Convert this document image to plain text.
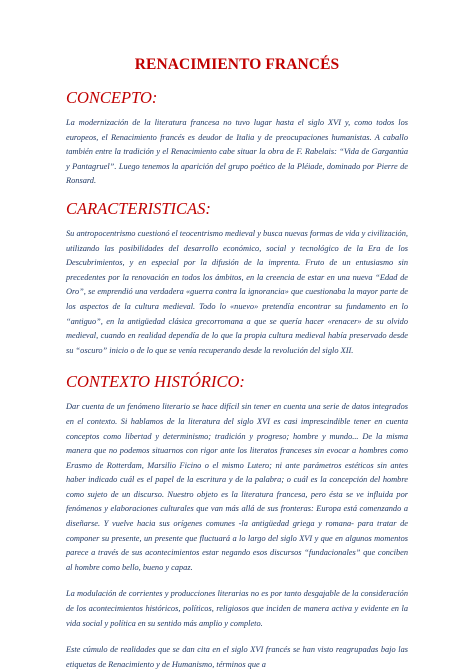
RENACIMIENTO FRANCÉS
CONCEPTO:

La modernización de la literatura francesa no tuvo lugar hasta el siglo XVI y, como todos los europeos, el Renacimiento francés es deudor de Italia y de preocupaciones humanistas. A caballo también entre la tradición y el Renacimiento cabe situar la obra de F. Rabelais: “Vida de Gargantúa y Pantagruel”. Luego tenemos la aparición del grupo poético de la Pléiade, dominado por Pierre de Ronsard.

CARACTERISTICAS:

Su antropocentrismo cuestionó el teocentrismo medieval y busca nuevas formas de vida y civilización, utilizando las posibilidades del desarrollo económico, social y tecnológico de la Era de los Descubrimientos, y en especial por la difusión de la imprenta. Fruto de un entusiasmo sin precedentes por la renovación en todos los ámbitos, en la creencia de estar en una nueva “Edad de Oro”, se emprendió una verdadera «guerra contra la ignorancia» que cuestionaba la mayor parte de los aspectos de la cultura medieval. Todo lo «nuevo» pretendía encontrar su fundamento en lo “antiguo”, en la antigüedad clásica grecorromana a que se quería hacer «renacer» de su olvido medieval, cuando en realidad dependía de lo que la propia cultura medieval había preservado desde su “oscuro” inicio o de lo que se venía recuperando desde la revolución del siglo XII.

CONTEXTO HISTÓRICO:

Dar cuenta de un fenómeno literario se hace difícil sin tener en cuenta una serie de datos integrados en el contexto. Si hablamos de la literatura del siglo XVI es casi imprescindible tener en cuenta conceptos como libertad y determinismo; tradición y progreso; hombre y mundo... De la misma manera que no podemos situarnos con rigor ante los literatos franceses sin evocar a hombres como Erasmo de Rotterdam, Marsilio Ficino o el mismo Lutero; ni ante parámetros estéticos sin antes haber indicado cuál es el papel de la escritura y de la palabra; o cuál es la concepción del hombre como sujeto de un discurso. Nuestro objeto es la literatura francesa, pero ésta se ve influida por fenómenos y elaboraciones culturales que van más allá de sus fronteras: Europa está comenzando a diseñarse. Y vuelve hacia sus orígenes comunes -la antigüedad griega y romana- para tratar de componer su presente, un presente que fluctuará a lo largo del siglo XVI y que en algunos momentos parece a través de sus acontecimientos estar negando esos discursos “fundacionales” que conciben al hombre como bello, bueno y capaz.

La modulación de corrientes y producciones literarias no es por tanto desgajable de la consideración de los acontecimientos históricos, políticos, religiosos que inciden de manera activa y evidente en la vida social y política en su sentido más amplio y completo.

Este cúmulo de realidades que se dan cita en el siglo XVI francés se han visto reagrupadas bajo las etiquetas de Renacimiento y de Humanismo, términos que a
